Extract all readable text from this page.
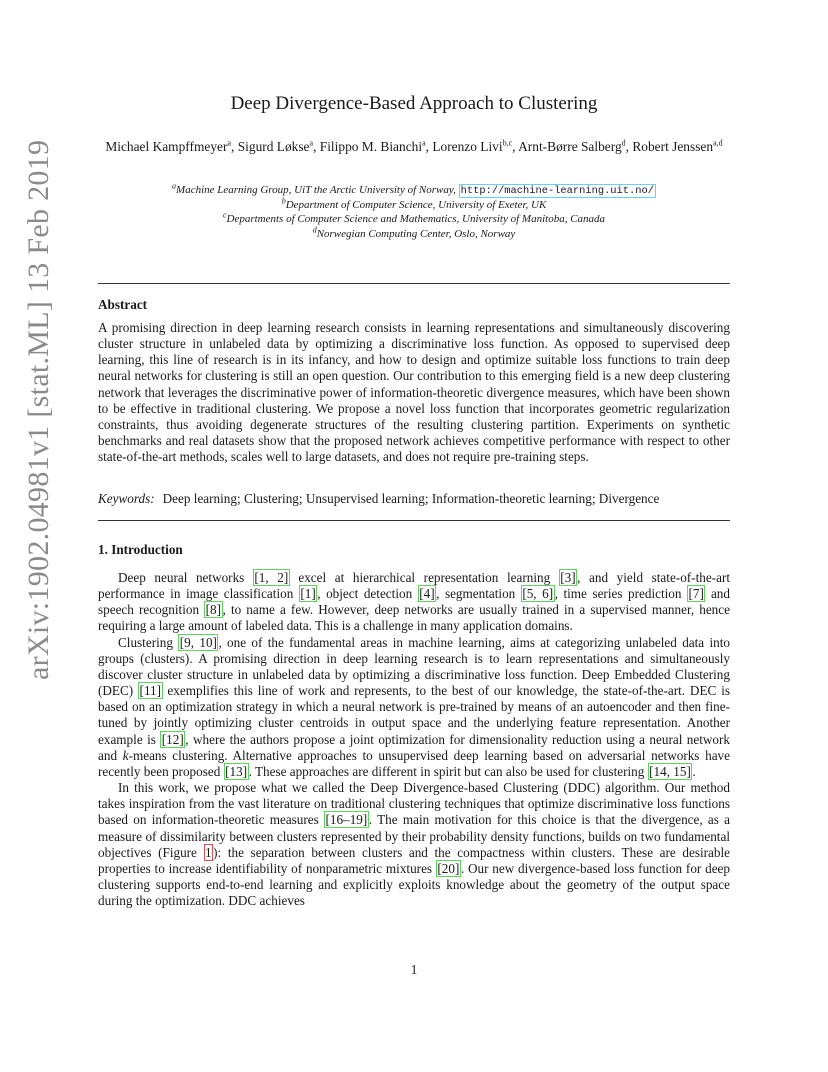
arXiv:1902.04981v1 [stat.ML] 13 Feb 2019
Deep Divergence-Based Approach to Clustering
Michael Kampffmeyer$^a$, Sigurd Løkse$^a$, Filippo M. Bianchi$^a$, Lorenzo Livi$^{b,c}$, Arnt-Børre Salberg$^d$, Robert Jenssen$^{a,d}$
$^a$Machine Learning Group, UiT the Arctic University of Norway, http://machine-learning.uit.no/
$^b$Department of Computer Science, University of Exeter, UK
$^c$Departments of Computer Science and Mathematics, University of Manitoba, Canada
$^d$Norwegian Computing Center, Oslo, Norway
Abstract
A promising direction in deep learning research consists in learning representations and simultaneously discovering cluster structure in unlabeled data by optimizing a discriminative loss function. As opposed to supervised deep learning, this line of research is in its infancy, and how to design and optimize suitable loss functions to train deep neural networks for clustering is still an open question. Our contribution to this emerging field is a new deep clustering network that leverages the discriminative power of information-theoretic divergence measures, which have been shown to be effective in traditional clustering. We propose a novel loss function that incorporates geometric regularization constraints, thus avoiding degenerate structures of the resulting clustering partition. Experiments on synthetic benchmarks and real datasets show that the proposed network achieves competitive performance with respect to other state-of-the-art methods, scales well to large datasets, and does not require pre-training steps.
Keywords: Deep learning; Clustering; Unsupervised learning; Information-theoretic learning; Divergence
1. Introduction

Deep neural networks [1, 2] excel at hierarchical representation learning [3] , and yield state-of-the-art performance in image classification [1] , object detection [4] , segmentation [5, 6] , time series prediction [7] and speech recognition [8] , to name a few. However, deep networks are usually trained in a supervised manner, hence requiring a large amount of labeled data. This is a challenge in many application domains.

Clustering [9, 10] , one of the fundamental areas in machine learning, aims at categorizing unlabeled data into groups (clusters). A promising direction in deep learning research is to learn representations and simultaneously discover cluster structure in unlabeled data by optimizing a discriminative loss function. Deep Embedded Clustering (DEC) [11] exemplifies this line of work and represents, to the best of our knowledge, the state-of-the-art. DEC is based on an optimization strategy in which a neural network is pre-trained by means of an autoencoder and then fine-tuned by jointly optimizing cluster centroids in output space and the underlying feature representation. Another example is [12] , where the authors propose a joint optimization for dimensionality reduction using a neural network and k-means clustering. Alternative approaches to unsupervised deep learning based on adversarial networks have recently been proposed [13] . These approaches are different in spirit but can also be used for clustering [14, 15] .

In this work, we propose what we called the Deep Divergence-based Clustering (DDC) algorithm. Our method takes inspiration from the vast literature on traditional clustering techniques that optimize discriminative loss functions based on information-theoretic measures [16–19] . The main motivation for this choice is that the divergence, as a measure of dissimilarity between clusters represented by their probability density functions, builds on two fundamental objectives (Figure 1 ): the separation between clusters and the compactness within clusters. These are desirable properties to increase identifiability of nonparametric mixtures [20] . Our new divergence-based loss function for deep clustering supports end-to-end learning and explicitly exploits knowledge about the geometry of the output space during the optimization. DDC achieves

1
